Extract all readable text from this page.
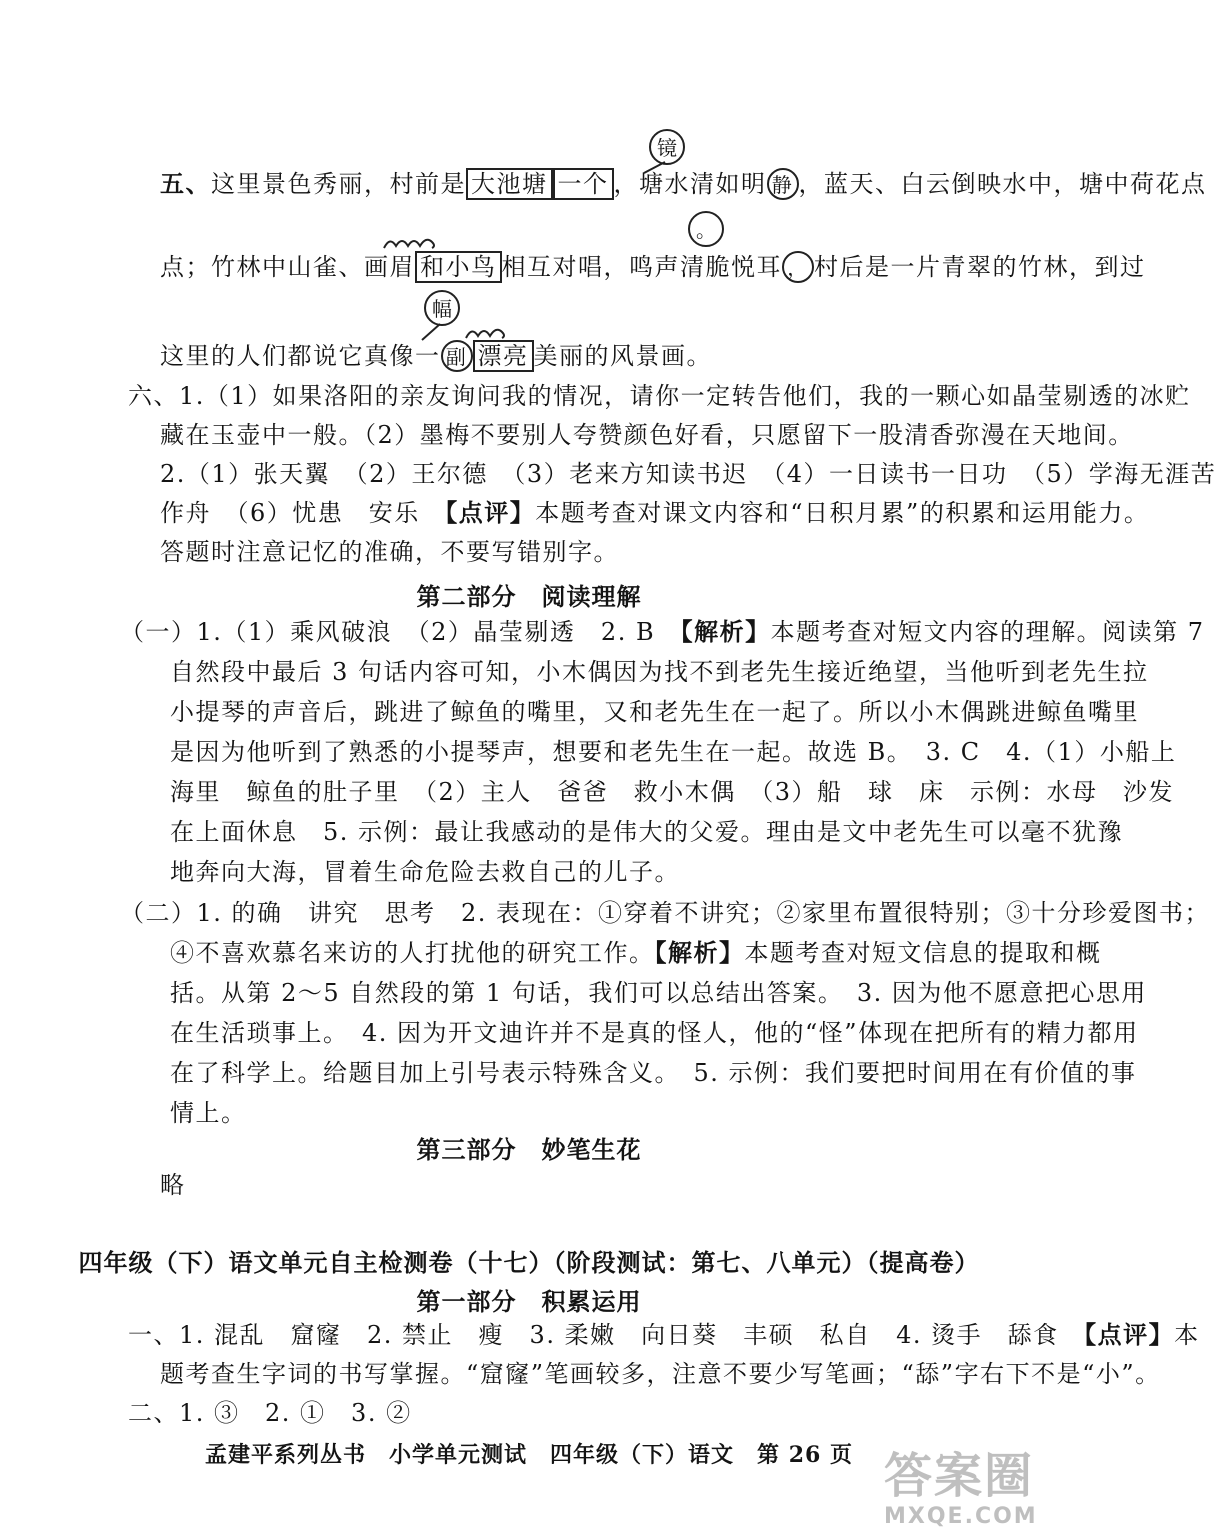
五、这里景色秀丽，村前是 大池塘 一个 ，塘水清如明 静 ，蓝天、白云倒映水中，塘中荷花点
镜
点；竹林中山雀、画眉 和小鸟 相互对唱，鸣声清脆悦耳 ， 村后是一片青翠的竹林，到过
。
这里的人们都说它真像一 副 漂亮 美丽的风景画。
幅
六、1.（1）如果洛阳的亲友询问我的情况，请你一定转告他们，我的一颗心如晶莹剔透的冰贮
藏在玉壶中一般。（2）墨梅不要别人夸赞颜色好看，只愿留下一股清香弥漫在天地间。
2.（1）张天翼　（2）王尔德　（3）老来方知读书迟　（4）一日读书一日功　（5）学海无涯苦
作舟　（6）忧患　安乐　【点评】本题考查对课文内容和“日积月累”的积累和运用能力。
答题时注意记忆的准确，不要写错别字。
第二部分　阅读理解
（一）1.（1）乘风破浪　（2）晶莹剔透　2. B　【解析】本题考查对短文内容的理解。阅读第 7
自然段中最后 3 句话内容可知，小木偶因为找不到老先生接近绝望，当他听到老先生拉
小提琴的声音后，跳进了鲸鱼的嘴里，又和老先生在一起了。所以小木偶跳进鲸鱼嘴里
是因为他听到了熟悉的小提琴声，想要和老先生在一起。故选 B。　3. C　4.（1）小船上
海里　鲸鱼的肚子里　（2）主人　爸爸　救小木偶　（3）船　球　床　示例：水母　沙发
在上面休息　5. 示例：最让我感动的是伟大的父爱。理由是文中老先生可以毫不犹豫
地奔向大海，冒着生命危险去救自己的儿子。
（二）1. 的确　讲究　思考　2. 表现在：①穿着不讲究；②家里布置很特别；③十分珍爱图书；
④不喜欢慕名来访的人打扰他的研究工作。【解析】本题考查对短文信息的提取和概
括。从第 2～5 自然段的第 1 句话，我们可以总结出答案。　3. 因为他不愿意把心思用
在生活琐事上。　4. 因为开文迪许并不是真的怪人，他的“怪”体现在把所有的精力都用
在了科学上。给题目加上引号表示特殊含义。　5. 示例：我们要把时间用在有价值的事
情上。
第三部分　妙笔生花
略
四年级（下）语文单元自主检测卷（十七）（阶段测试：第七、八单元）（提高卷）
第一部分　积累运用
一、1. 混乱　窟窿　2. 禁止　瘦　3. 柔嫩　向日葵　丰硕　私自　4. 烫手　舔食　【点评】本
题考查生字词的书写掌握。“窟窿”笔画较多，注意不要少写笔画；“舔”字右下不是“小”。
二、1. ③　2. ①　3. ②
孟建平系列丛书　小学单元测试　四年级（下）语文　第 26 页 答案圈
MXQE.COM
